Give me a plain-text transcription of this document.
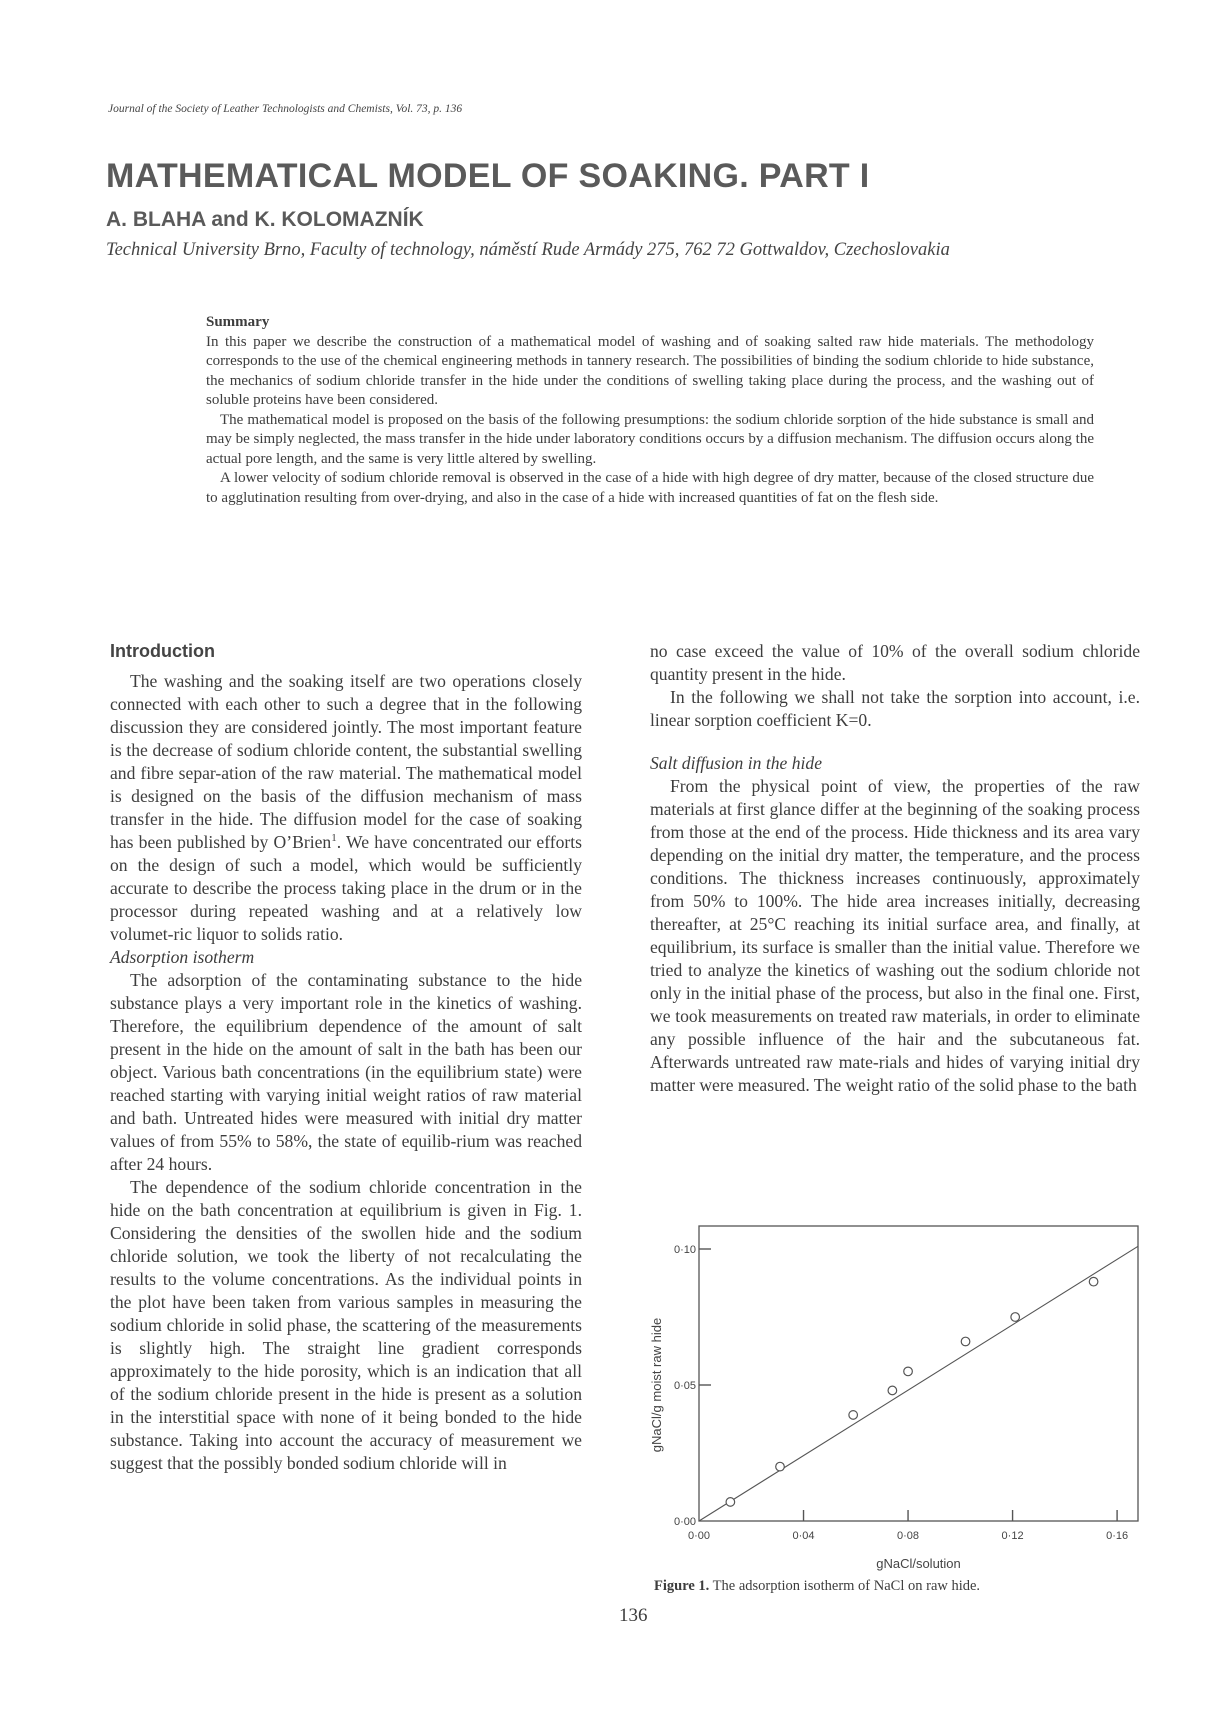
Journal of the Society of Leather Technologists and Chemists, Vol. 73, p. 136
MATHEMATICAL MODEL OF SOAKING. PART I
A. BLAHA and K. KOLOMAZNÍK
Technical University Brno, Faculty of technology, náměstí Rude Armády 275, 762 72 Gottwaldov, Czechoslovakia
Summary

In this paper we describe the construction of a mathematical model of washing and of soaking salted raw hide materials. The methodology corresponds to the use of the chemical engineering methods in tannery research. The possibilities of binding the sodium chloride to hide substance, the mechanics of sodium chloride transfer in the hide under the conditions of swelling taking place during the process, and the washing out of soluble proteins have been considered.

The mathematical model is proposed on the basis of the following presumptions: the sodium chloride sorption of the hide substance is small and may be simply neglected, the mass transfer in the hide under laboratory conditions occurs by a diffusion mechanism. The diffusion occurs along the actual pore length, and the same is very little altered by swelling.

A lower velocity of sodium chloride removal is observed in the case of a hide with high degree of dry matter, because of the closed structure due to agglutination resulting from over-drying, and also in the case of a hide with increased quantities of fat on the flesh side.

Introduction

The washing and the soaking itself are two operations closely connected with each other to such a degree that in the following discussion they are considered jointly. The most important feature is the decrease of sodium chloride content, the substantial swelling and fibre separ-ation of the raw material. The mathematical model is designed on the basis of the diffusion mechanism of mass transfer in the hide. The diffusion model for the case of soaking has been published by O’Brien$^1$. We have concentrated our efforts on the design of such a model, which would be sufficiently accurate to describe the process taking place in the drum or in the processor during repeated washing and at a relatively low volumet-ric liquor to solids ratio.

Adsorption isotherm

The adsorption of the contaminating substance to the hide substance plays a very important role in the kinetics of washing. Therefore, the equilibrium dependence of the amount of salt present in the hide on the amount of salt in the bath has been our object. Various bath concentrations (in the equilibrium state) were reached starting with varying initial weight ratios of raw material and bath. Untreated hides were measured with initial dry matter values of from 55% to 58%, the state of equilib-rium was reached after 24 hours.

The dependence of the sodium chloride concentration in the hide on the bath concentration at equilibrium is given in Fig. 1. Considering the densities of the swollen hide and the sodium chloride solution, we took the liberty of not recalculating the results to the volume concentrations. As the individual points in the plot have been taken from various samples in measuring the sodium chloride in solid phase, the scattering of the measurements is slightly high. The straight line gradient corresponds approximately to the hide porosity, which is an indication that all of the sodium chloride present in the hide is present as a solution in the interstitial space with none of it being bonded to the hide substance. Taking into account the accuracy of measurement we suggest that the possibly bonded sodium chloride will in

no case exceed the value of 10% of the overall sodium chloride quantity present in the hide.

In the following we shall not take the sorption into account, i.e. linear sorption coefficient K=0.

Salt diffusion in the hide

From the physical point of view, the properties of the raw materials at first glance differ at the beginning of the soaking process from those at the end of the process. Hide thickness and its area vary depending on the initial dry matter, the temperature, and the process conditions. The thickness increases continuously, approximately from 50% to 100%. The hide area increases initially, decreasing thereafter, at 25°C reaching its initial surface area, and finally, at equilibrium, its surface is smaller than the initial value. Therefore we tried to analyze the kinetics of washing out the sodium chloride not only in the initial phase of the process, but also in the final one. First, we took measurements on treated raw materials, in order to eliminate any possible influence of the hair and the subcutaneous fat. Afterwards untreated raw mate-rials and hides of varying initial dry matter were measured. The weight ratio of the solid phase to the bath

0·00
0·05
0·10
0·00	0·04	0·08	0·12	0·16
gNaCl/solution
gNaCl/g moist raw hide
Figure 1. The adsorption isotherm of NaCl on raw hide.
136
